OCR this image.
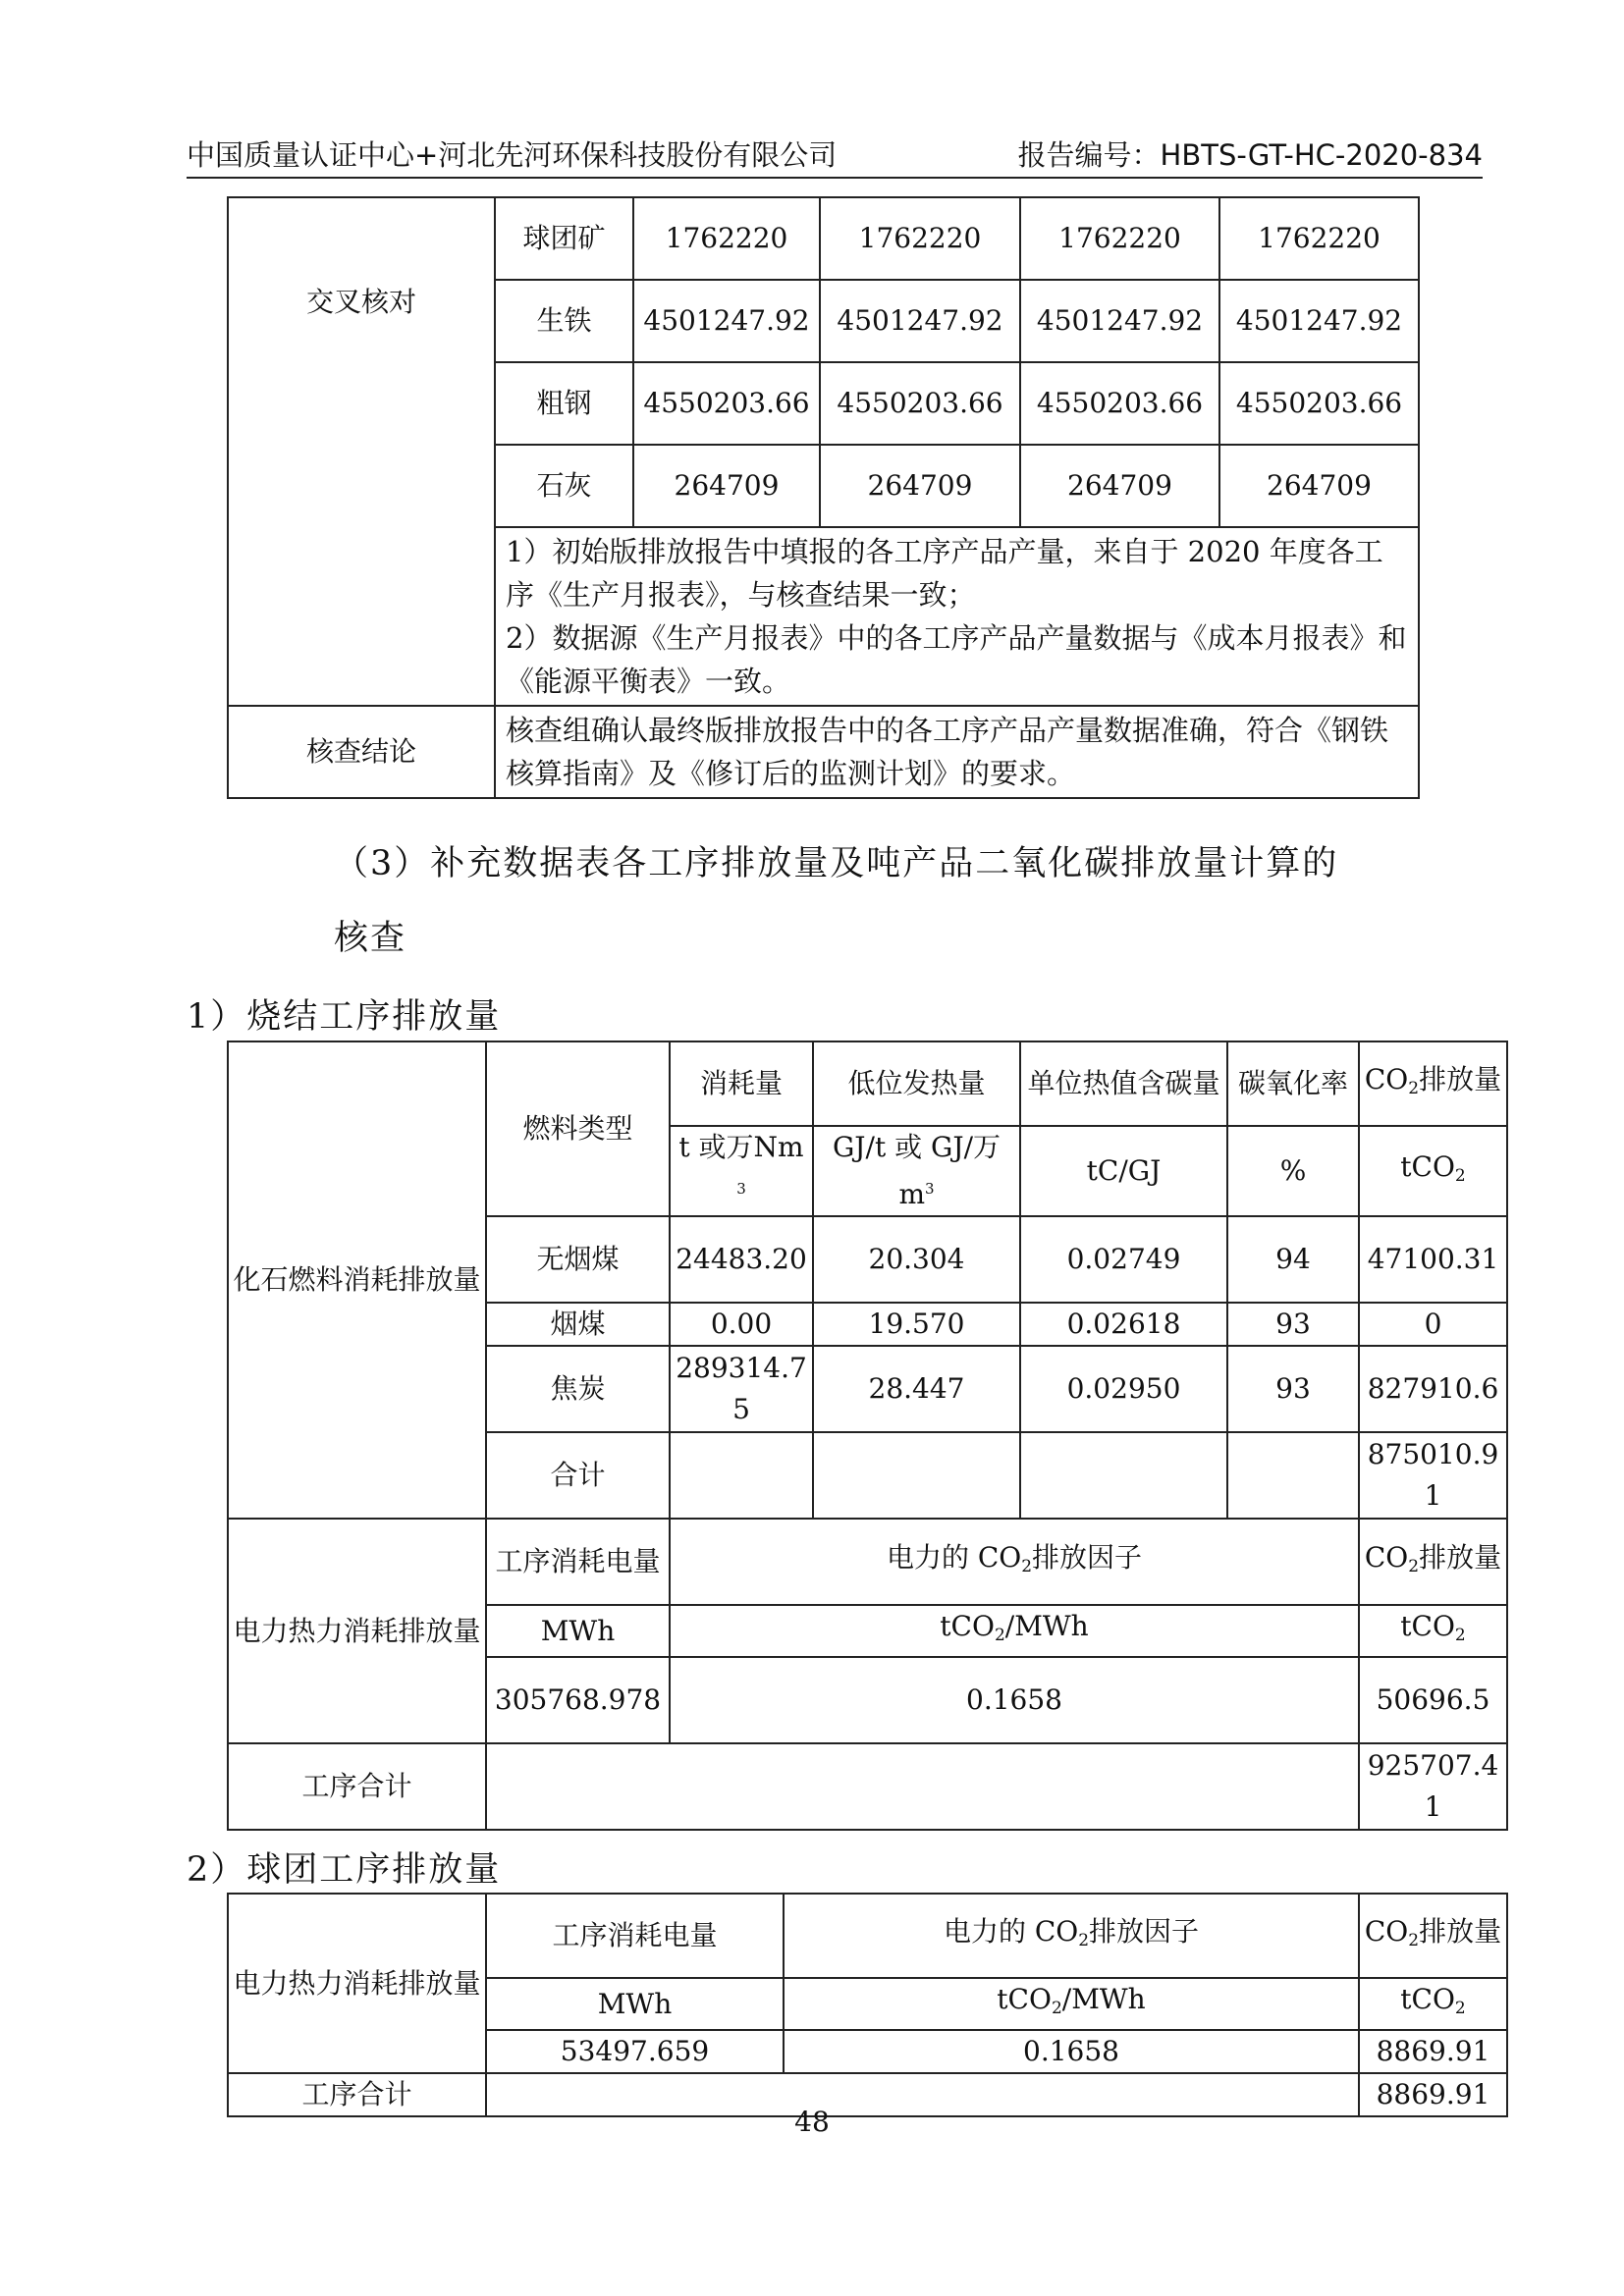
中国质量认证中心+河北先河环保科技股份有限公司	报告编号：HBTS-GT-HC-2020-834
交叉核对	球团矿	1762220	1762220	1762220	1762220
	生铁	4501247.92	4501247.92	4501247.92	4501247.92
	粗钢	4550203.66	4550203.66	4550203.66	4550203.66
	石灰	264709	264709	264709	264709
	1）初始版排放报告中填报的各工序产品产量，来自于 2020 年度各工序《生产月报表》，与核查结果一致；
2）数据源《生产月报表》中的各工序产品产量数据与《成本月报表》和《能源平衡表》一致。				
核查结论	核查组确认最终版排放报告中的各工序产品产量数据准确，符合《钢铁核算指南》及《修订后的监测计划》的要求。				
（3）补充数据表各工序排放量及吨产品二氧化碳排放量计算的
核查
1）烧结工序排放量
化石燃料消耗排放量	燃料类型	消耗量	低位发热量	单位热值含碳量	碳氧化率	$CO_2$排放量
		t 或万Nm$^3$	GJ/t 或 GJ/万 $m^3$	tC/GJ	%	tCO$_2$
	无烟煤	24483.20	20.304	0.02749	94	47100.31
	烟煤	0.00	19.570	0.02618	93	0
	焦炭	289314.75	28.447	0.02950	93	827910.6
	合计					875010.91
电力热力消耗排放量	工序消耗电量	电力的 $CO_2$排放因子				$CO_2$排放量
	MWh	tCO$_2$/MWh				tCO$_2$
	305768.978	0.1658				50696.5
工序合计						925707.41
2）球团工序排放量
电力热力消耗排放量	工序消耗电量	电力的 $CO_2$排放因子	$CO_2$排放量
	MWh	tCO$_2$/MWh	tCO$_2$
	53497.659	0.1658	8869.91
工序合计			8869.91
48
